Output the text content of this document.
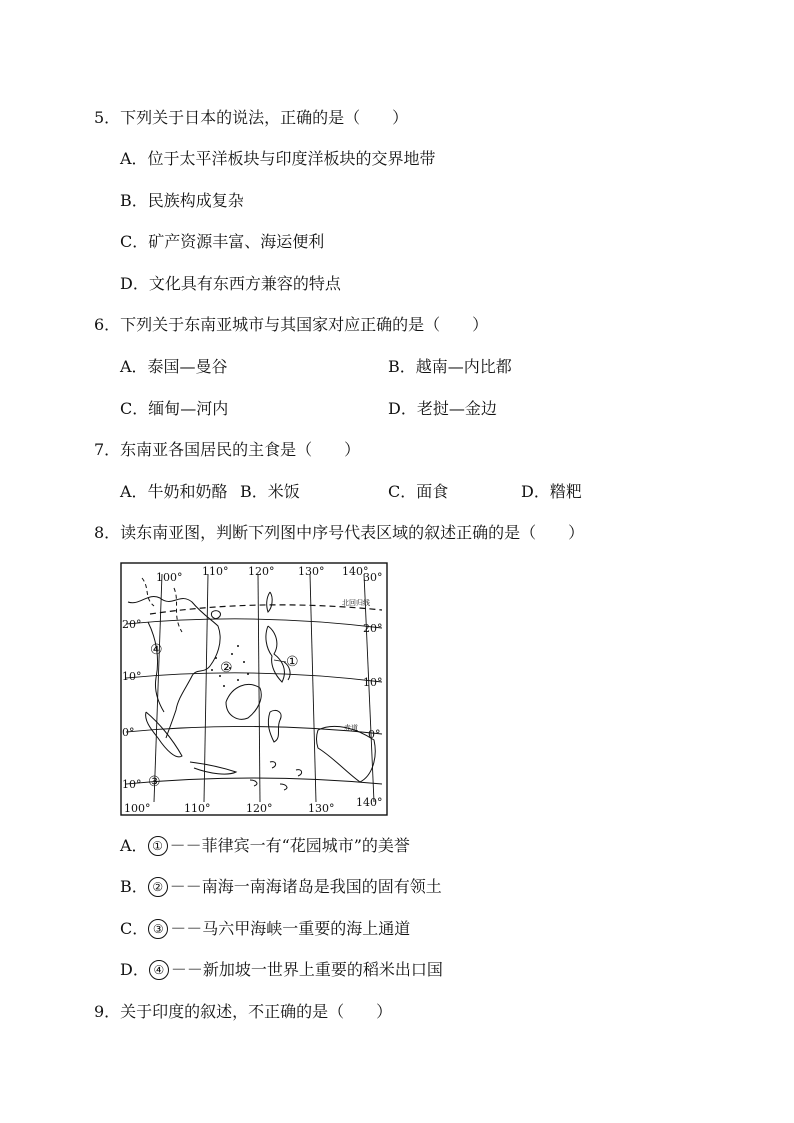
5．下列关于日本的说法，正确的是（　　）
A．位于太平洋板块与印度洋板块的交界地带
B．民族构成复杂
C．矿产资源丰富、海运便利
D．文化具有东西方兼容的特点
6．下列关于东南亚城市与其国家对应正确的是（　　）
A．泰国—曼谷	B．越南—内比都
C．缅甸—河内	D．老挝—金边
7．东南亚各国居民的主食是（　　）
A．牛奶和奶酪 B．米饭	C．面食	D．糌粑
8．读东南亚图，判断下列图中序号代表区域的叙述正确的是（　　）
100° 110° 120° 130° 140°
100°	110°	120°	130° 140°
20°
10°
0°
10°
30°
20°
10°
0°
北回归线
赤道
①
②
③
④
A． ① －－菲律宾一有“花园城市”的美誉
B． ② －－南海一南海诸岛是我国的固有领土
C． ③ －－马六甲海峡一重要的海上通道
D． ④ －－新加坡一世界上重要的稻米出口国
9．关于印度的叙述，不正确的是（　　）
